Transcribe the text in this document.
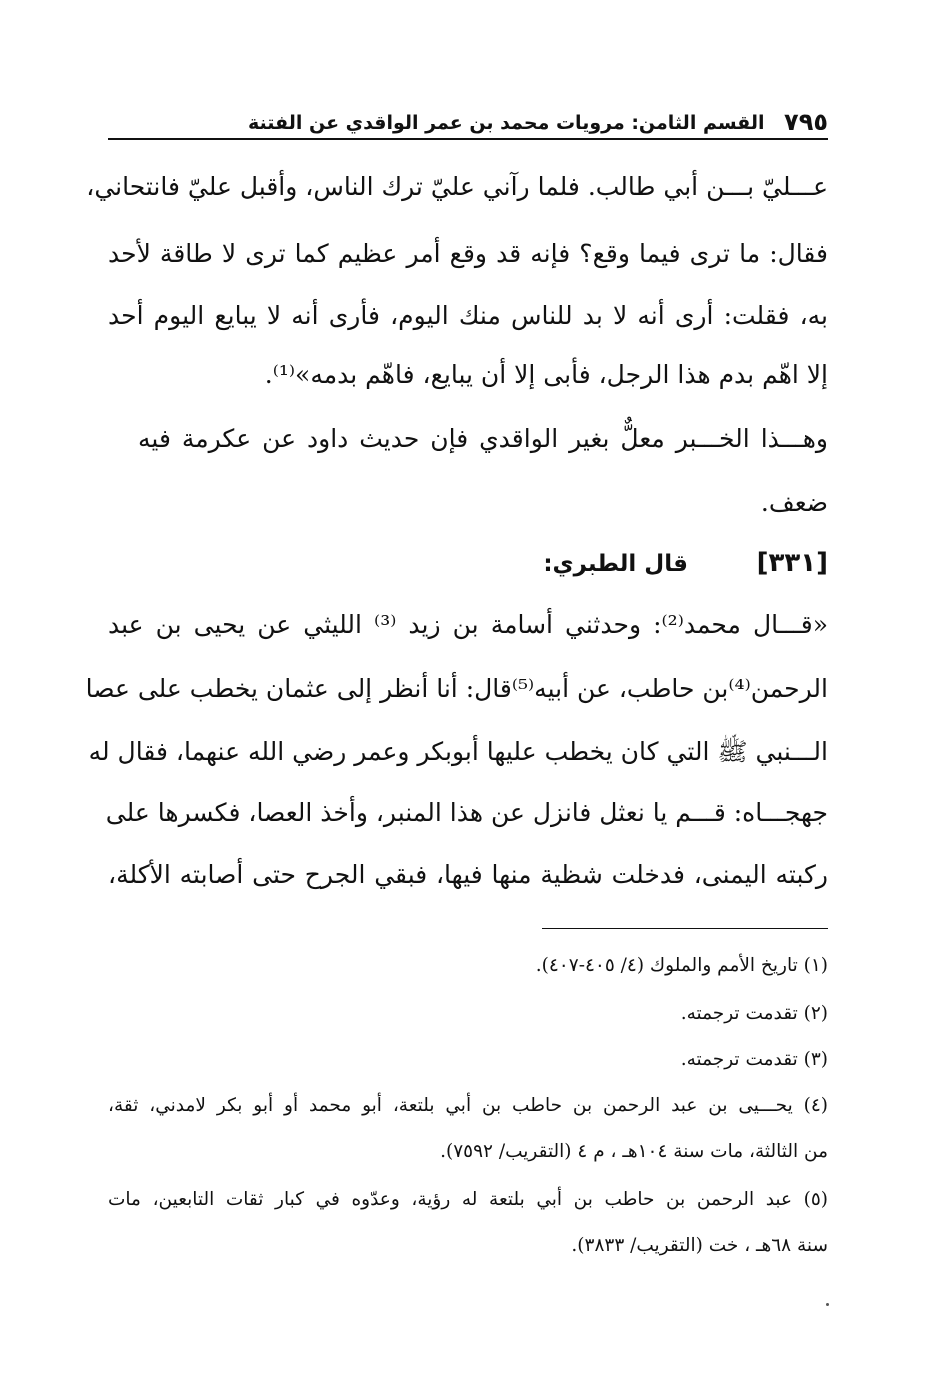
٧٩٥
القسم الثامن: مرويات محمد بن عمر الواقدي عن الفتنة
عـــليّ بـــن أبي طالب. فلما رآني عليّ ترك الناس، وأقبل عليّ فانتحاني،
فقال: ما ترى فيما وقع؟ فإنه قد وقع أمر عظيم كما ترى لا طاقة لأحد
به، فقلت: أرى أنه لا بد للناس منك اليوم، فأرى أنه لا يبايع اليوم أحد
إلا اهّم بدم هذا الرجل، فأبى إلا أن يبايع، فاهّم بدمه»⁽¹⁾.
وهـــذا الخـــبر معلٌّ بغير الواقدي فإن حديث داود عن عكرمة فيه
ضعف.
[٣٣١] قال الطبري:
«قـــال محمد⁽²⁾: وحدثني أسامة بن زيد ⁽³⁾ الليثي عن يحيى بن عبد
الرحمن⁽⁴⁾بن حاطب، عن أبيه⁽⁵⁾قال: أنا أنظر إلى عثمان يخطب على عصا
الـــنبي ﷺ التي كان يخطب عليها أبوبكر وعمر رضي الله عنهما، فقال له
جهجـــاه: قـــم يا نعثل فانزل عن هذا المنبر، وأخذ العصا، فكسرها على
ركبته اليمنى، فدخلت شظية منها فيها، فبقي الجرح حتى أصابته الأكلة،
(١) تاريخ الأمم والملوك (٤/ ٤٠٥-٤٠٧).
(٢) تقدمت ترجمته.
(٣) تقدمت ترجمته.
(٤) يحـــيى بن عبد الرحمن بن حاطب بن أبي بلتعة، أبو محمد أو أبو بكر لامدني، ثقة،
من الثالثة، مات سنة ١٠٤هـ ، م ٤ (التقريب/ ٧٥٩٢).
(٥) عبد الرحمن بن حاطب بن أبي بلتعة له رؤية، وعدّوه في كبار ثقات التابعين، مات
سنة ٦٨هـ ، خت (التقريب/ ٣٨٣٣).
